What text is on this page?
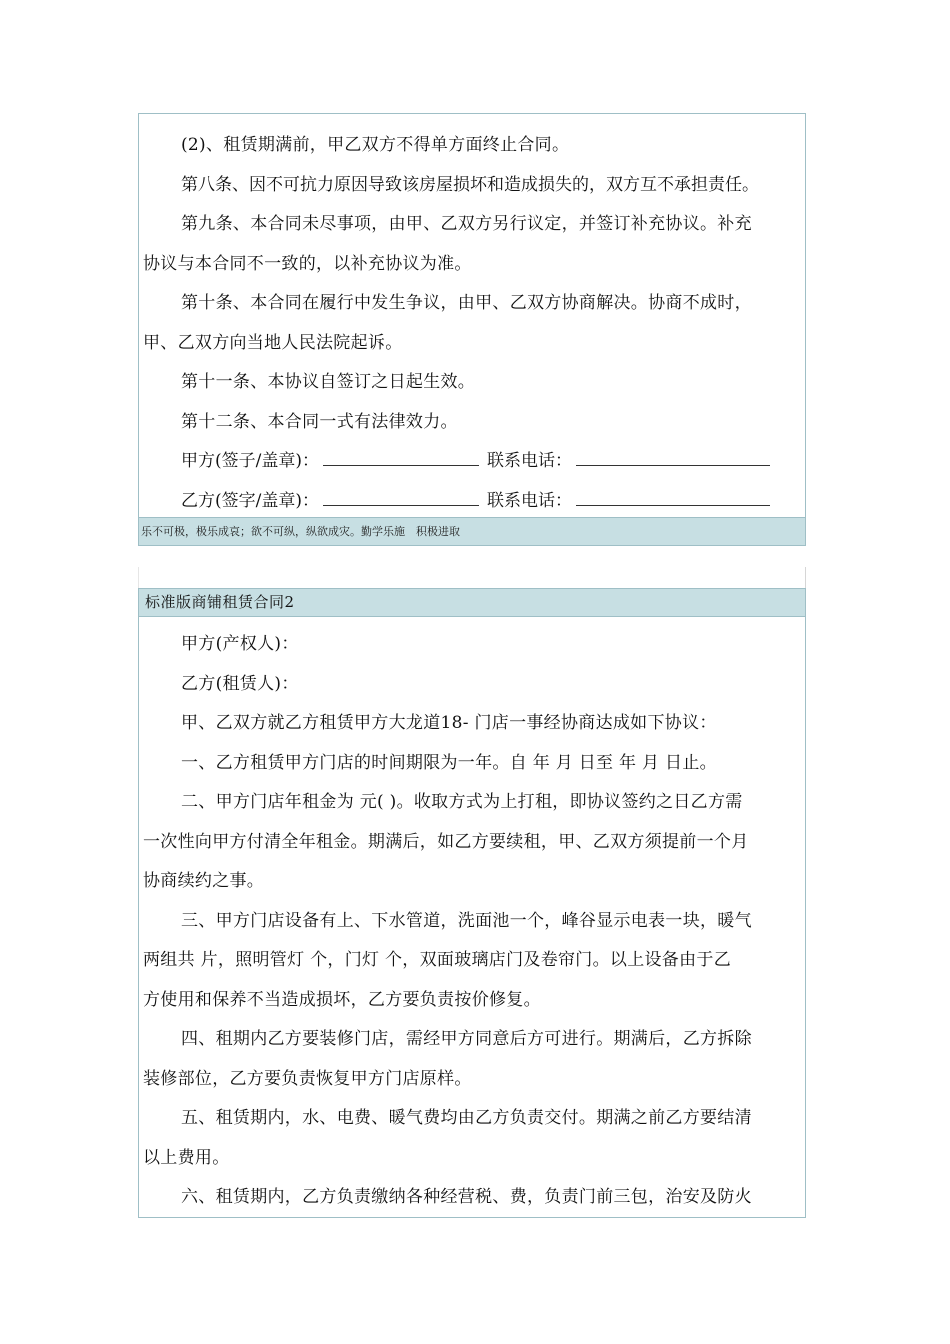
(2)、租赁期满前，甲乙双方不得单方面终止合同。

第八条、因不可抗力原因导致该房屋损坏和造成损失的，双方互不承担责任。

第九条、本合同未尽事项，由甲、乙双方另行议定，并签订补充协议。补充

协议与本合同不一致的，以补充协议为准。

第十条、本合同在履行中发生争议，由甲、乙双方协商解决。协商不成时，

甲、乙双方向当地人民法院起诉。

第十一条、本协议自签订之日起生效。

第十二条、本合同一式有法律效力。

甲方(签子/盖章)：	联系电话：
乙方(签字/盖章)：	联系电话：
乐不可极，极乐成哀；欲不可纵，纵欲成灾。勤学乐施　积极进取
标准版商铺租赁合同2

甲方(产权人)：

乙方(租赁人)：

甲、乙双方就乙方租赁甲方大龙道18- 门店一事经协商达成如下协议：

一、乙方租赁甲方门店的时间期限为一年。自 年 月 日至 年 月 日止。

二、甲方门店年租金为 元( )。收取方式为上打租，即协议签约之日乙方需

一次性向甲方付清全年租金。期满后，如乙方要续租，甲、乙双方须提前一个月

协商续约之事。

三、甲方门店设备有上、下水管道，洗面池一个，峰谷显示电表一块，暖气

两组共 片，照明管灯 个，门灯 个，双面玻璃店门及卷帘门。以上设备由于乙

方使用和保养不当造成损坏，乙方要负责按价修复。

四、租期内乙方要装修门店，需经甲方同意后方可进行。期满后，乙方拆除

装修部位，乙方要负责恢复甲方门店原样。

五、租赁期内，水、电费、暖气费均由乙方负责交付。期满之前乙方要结清

以上费用。

六、租赁期内，乙方负责缴纳各种经营税、费，负责门前三包，治安及防火
